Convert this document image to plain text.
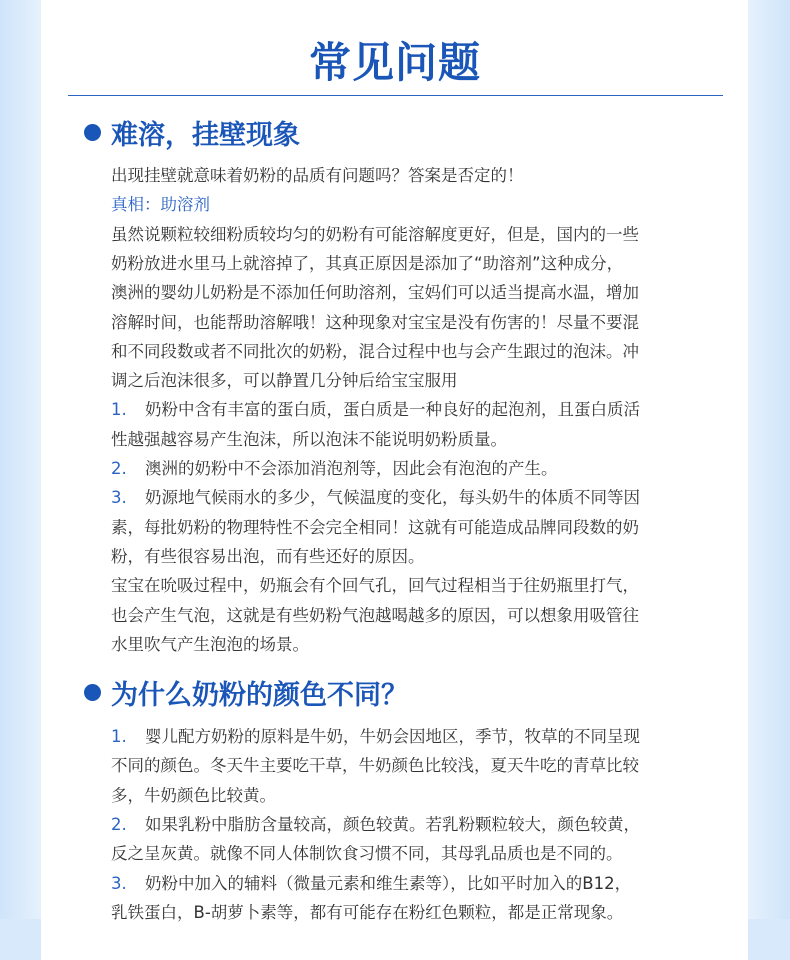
常见问题
难溶，挂壁现象
出现挂壁就意味着奶粉的品质有问题吗？答案是否定的！
真相：助溶剂
虽然说颗粒较细粉质较均匀的奶粉有可能溶解度更好，但是，国内的一些
奶粉放进水里马上就溶掉了，其真正原因是添加了“助溶剂”这种成分，
澳洲的婴幼儿奶粉是不添加任何助溶剂，宝妈们可以适当提高水温，增加
溶解时间，也能帮助溶解哦！这种现象对宝宝是没有伤害的！尽量不要混
和不同段数或者不同批次的奶粉，混合过程中也与会产生跟过的泡沫。冲
调之后泡沫很多，可以静置几分钟后给宝宝服用
1. 奶粉中含有丰富的蛋白质，蛋白质是一种良好的起泡剂，且蛋白质活
性越强越容易产生泡沫，所以泡沫不能说明奶粉质量。
2. 澳洲的奶粉中不会添加消泡剂等，因此会有泡泡的产生。
3. 奶源地气候雨水的多少，气候温度的变化，每头奶牛的体质不同等因
素，每批奶粉的物理特性不会完全相同！这就有可能造成品牌同段数的奶
粉，有些很容易出泡，而有些还好的原因。
宝宝在吮吸过程中，奶瓶会有个回气孔，回气过程相当于往奶瓶里打气，
也会产生气泡，这就是有些奶粉气泡越喝越多的原因，可以想象用吸管往
水里吹气产生泡泡的场景。
为什么奶粉的颜色不同？
1. 婴儿配方奶粉的原料是牛奶，牛奶会因地区，季节，牧草的不同呈现
不同的颜色。冬天牛主要吃干草，牛奶颜色比较浅，夏天牛吃的青草比较
多，牛奶颜色比较黄。
2. 如果乳粉中脂肪含量较高，颜色较黄。若乳粉颗粒较大，颜色较黄，
反之呈灰黄。就像不同人体制饮食习惯不同，其母乳品质也是不同的。
3. 奶粉中加入的辅料（微量元素和维生素等），比如平时加入的B12，
乳铁蛋白，B-胡萝卜素等，都有可能存在粉红色颗粒，都是正常现象。
